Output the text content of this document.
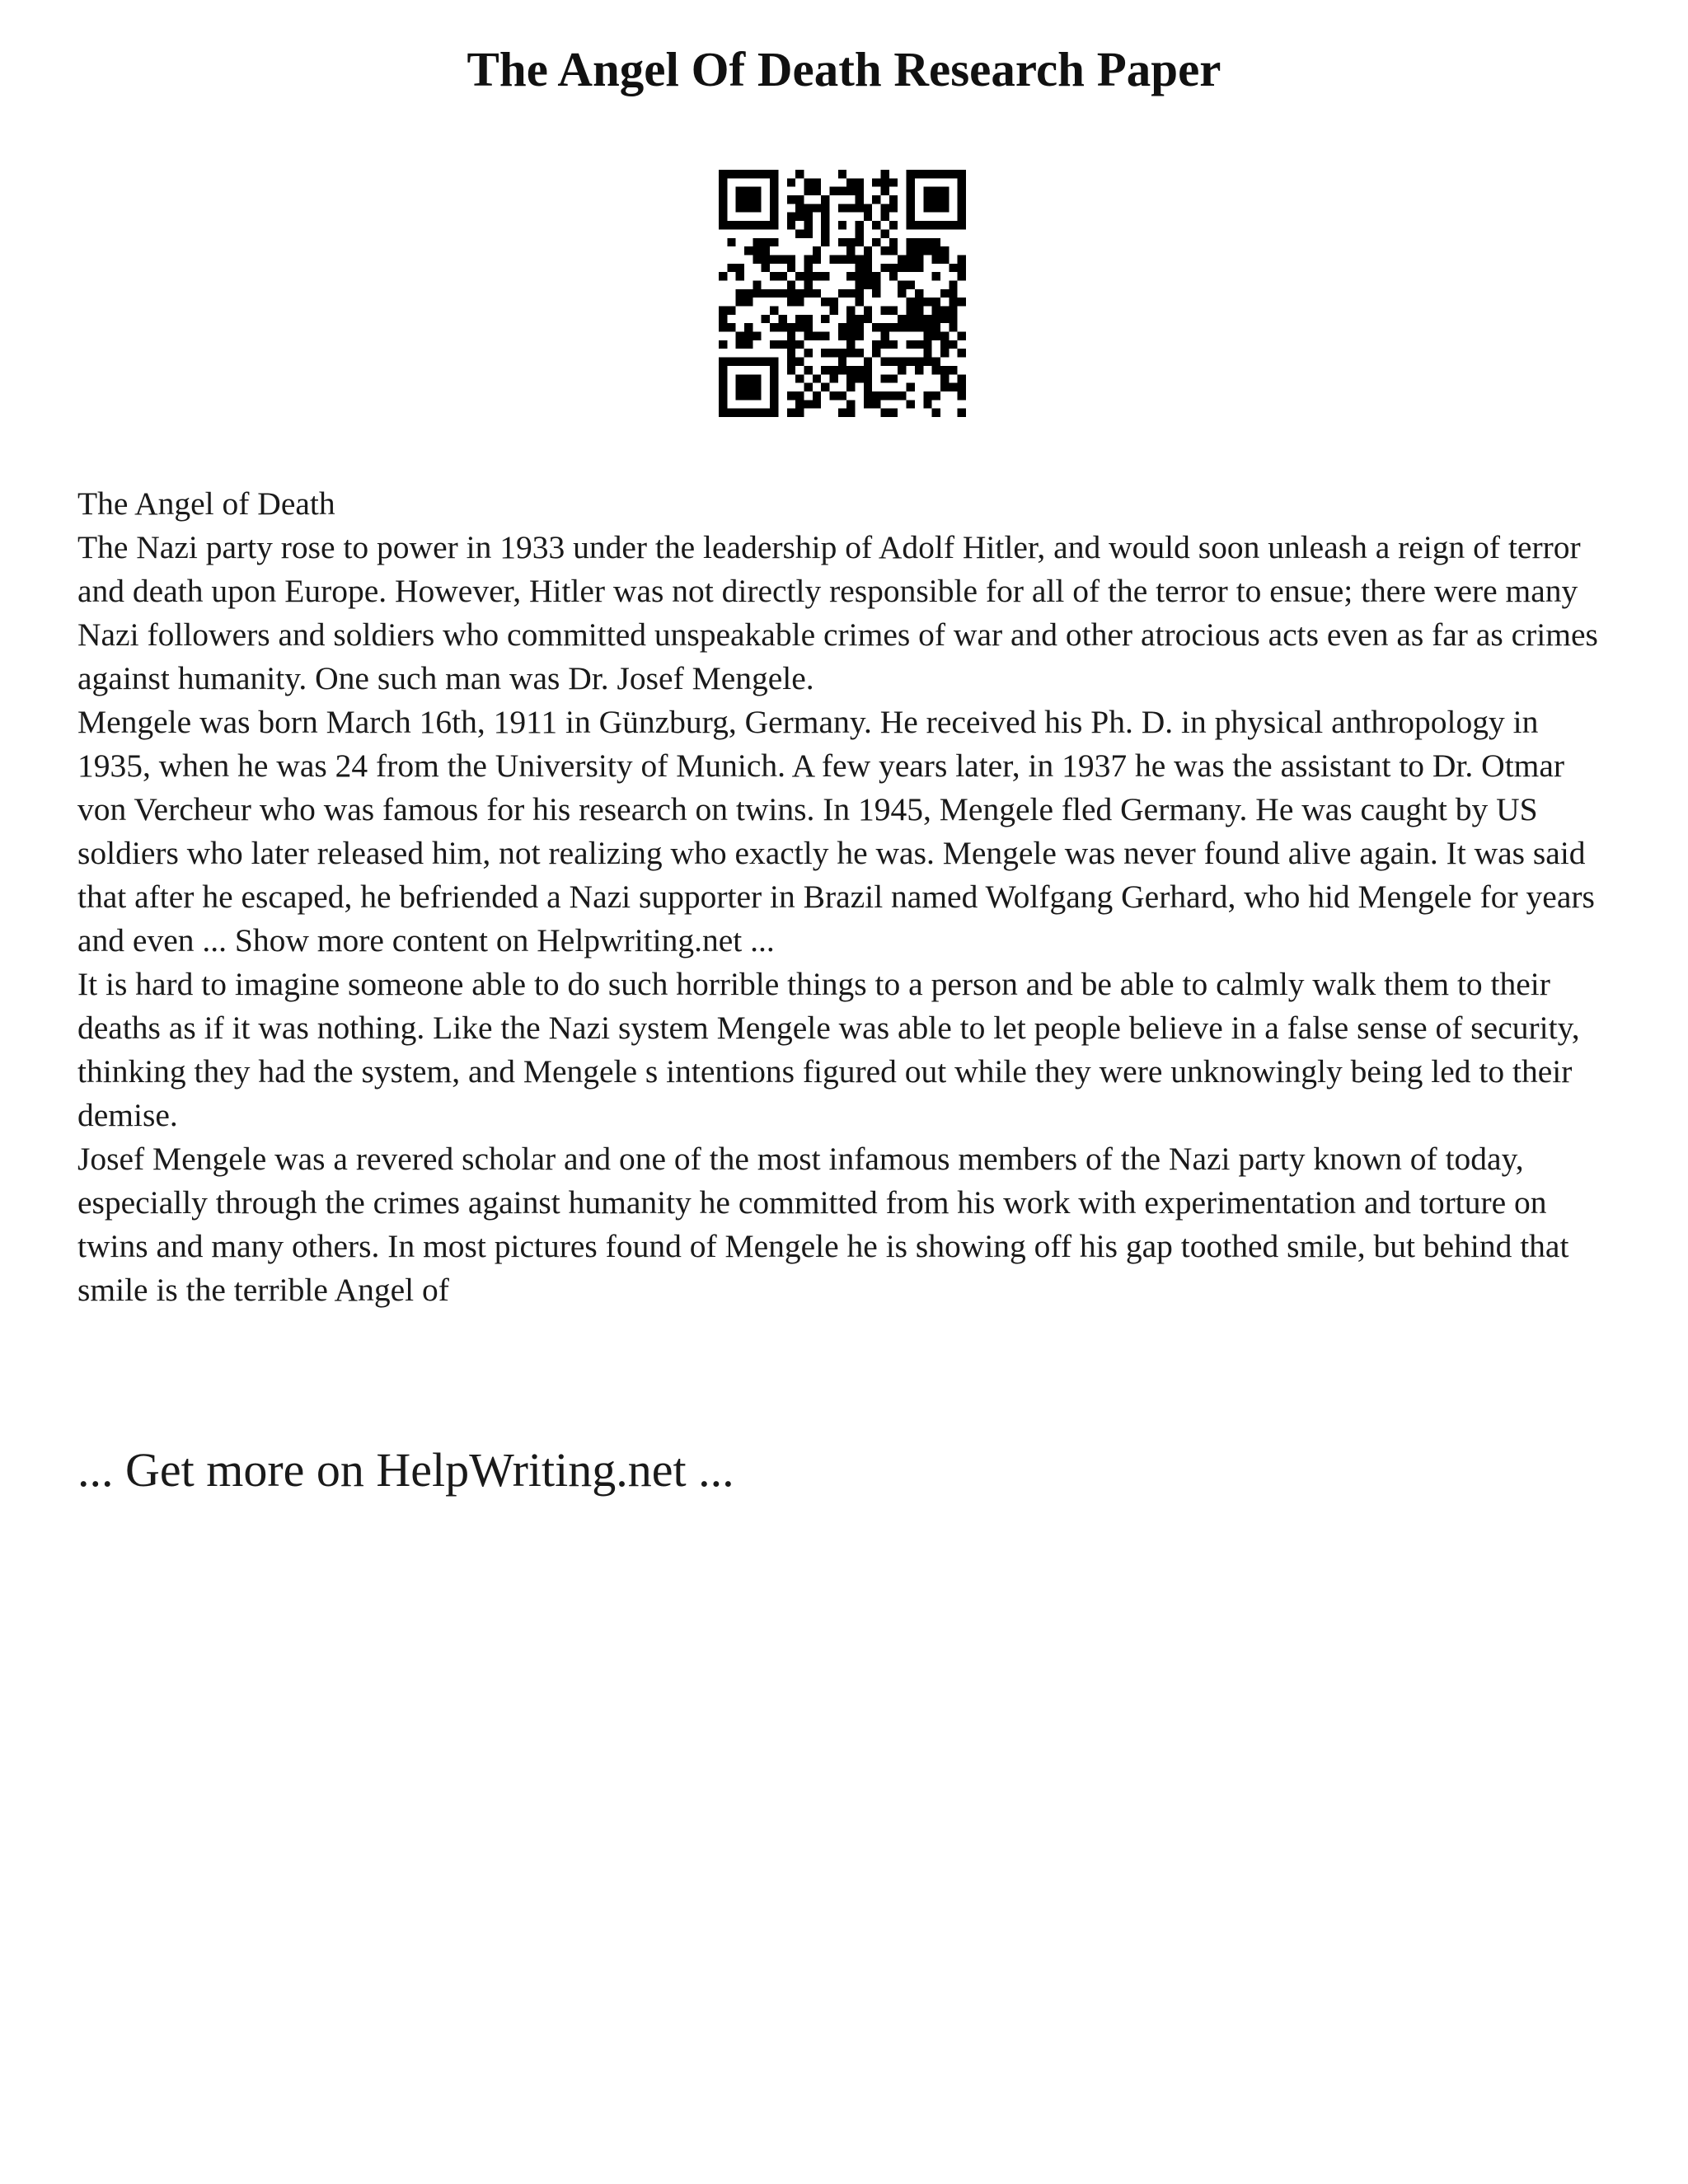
The Angel Of Death Research Paper

The Angel of Death

The Nazi party rose to power in 1933 under the leadership of Adolf Hitler, and would soon unleash a reign of terror and death upon Europe. However, Hitler was not directly responsible for all of the terror to ensue; there were many Nazi followers and soldiers who committed unspeakable crimes of war and other atrocious acts even as far as crimes against humanity. One such man was Dr. Josef Mengele.

Mengele was born March 16th, 1911 in Günzburg, Germany. He received his Ph. D. in physical anthropology in 1935, when he was 24 from the University of Munich. A few years later, in 1937 he was the assistant to Dr. Otmar von Vercheur who was famous for his research on twins. In 1945, Mengele fled Germany. He was caught by US soldiers who later released him, not realizing who exactly he was. Mengele was never found alive again. It was said that after he escaped, he befriended a Nazi supporter in Brazil named Wolfgang Gerhard, who hid Mengele for years and even ... Show more content on Helpwriting.net ...

It is hard to imagine someone able to do such horrible things to a person and be able to calmly walk them to their deaths as if it was nothing. Like the Nazi system Mengele was able to let people believe in a false sense of security, thinking they had the system, and Mengele s intentions figured out while they were unknowingly being led to their demise.

Josef Mengele was a revered scholar and one of the most infamous members of the Nazi party known of today, especially through the crimes against humanity he committed from his work with experimentation and torture on twins and many others. In most pictures found of Mengele he is showing off his gap toothed smile, but behind that smile is the terrible Angel of

... Get more on HelpWriting.net ...
